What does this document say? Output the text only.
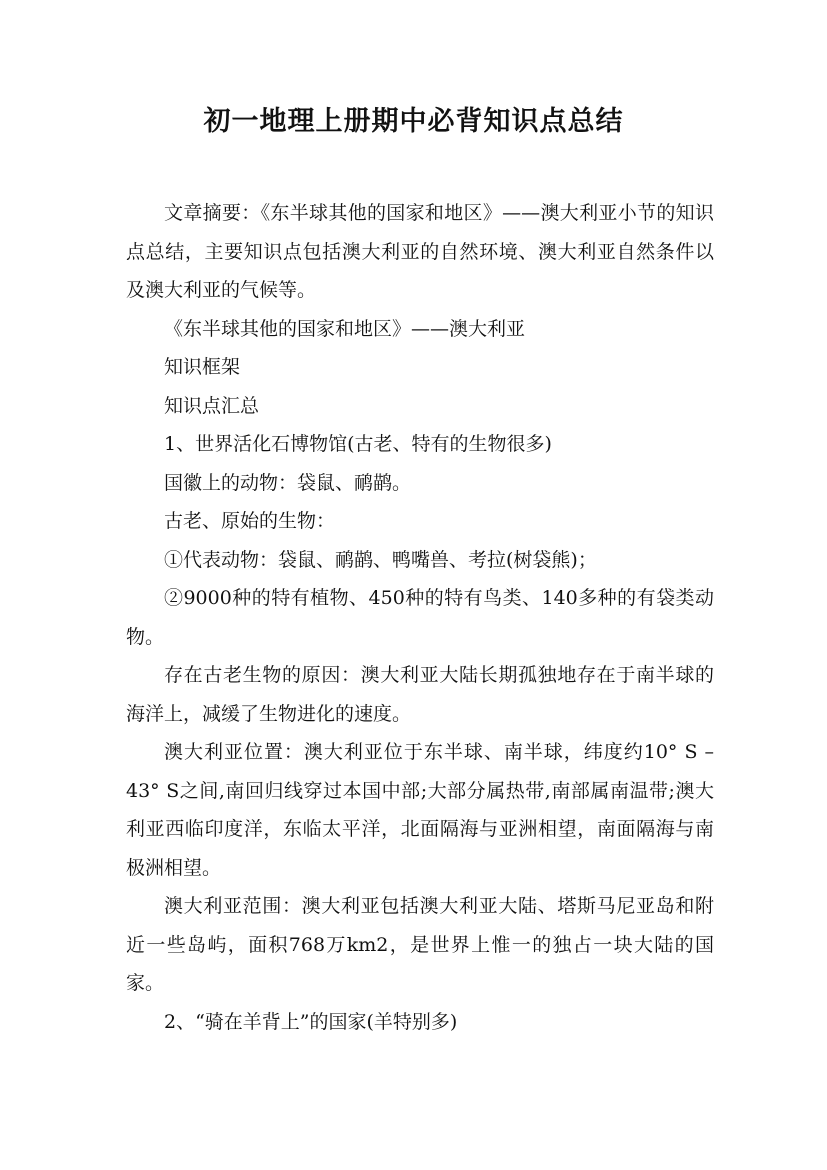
初一地理上册期中必背知识点总结

文章摘要：《东半球其他的国家和地区》——澳大利亚小节的知识点总结，主要知识点包括澳大利亚的自然环境、澳大利亚自然条件以及澳大利亚的气候等。

《东半球其他的国家和地区》——澳大利亚

知识框架

知识点汇总

1、世界活化石博物馆(古老、特有的生物很多)

国徽上的动物：袋鼠、鸸鹋。

古老、原始的生物：

①代表动物：袋鼠、鸸鹋、鸭嘴兽、考拉(树袋熊)；

②9000种的特有植物、450种的特有鸟类、140多种的有袋类动物。

存在古老生物的原因：澳大利亚大陆长期孤独地存在于南半球的海洋上，减缓了生物进化的速度。

澳大利亚位置：澳大利亚位于东半球、南半球，纬度约10° S –43° S之间,南回归线穿过本国中部;大部分属热带,南部属南温带;澳大利亚西临印度洋，东临太平洋，北面隔海与亚洲相望，南面隔海与南极洲相望。

澳大利亚范围：澳大利亚包括澳大利亚大陆、塔斯马尼亚岛和附近一些岛屿，面积768万km2，是世界上惟一的独占一块大陆的国家。

2、“骑在羊背上”的国家(羊特别多)
